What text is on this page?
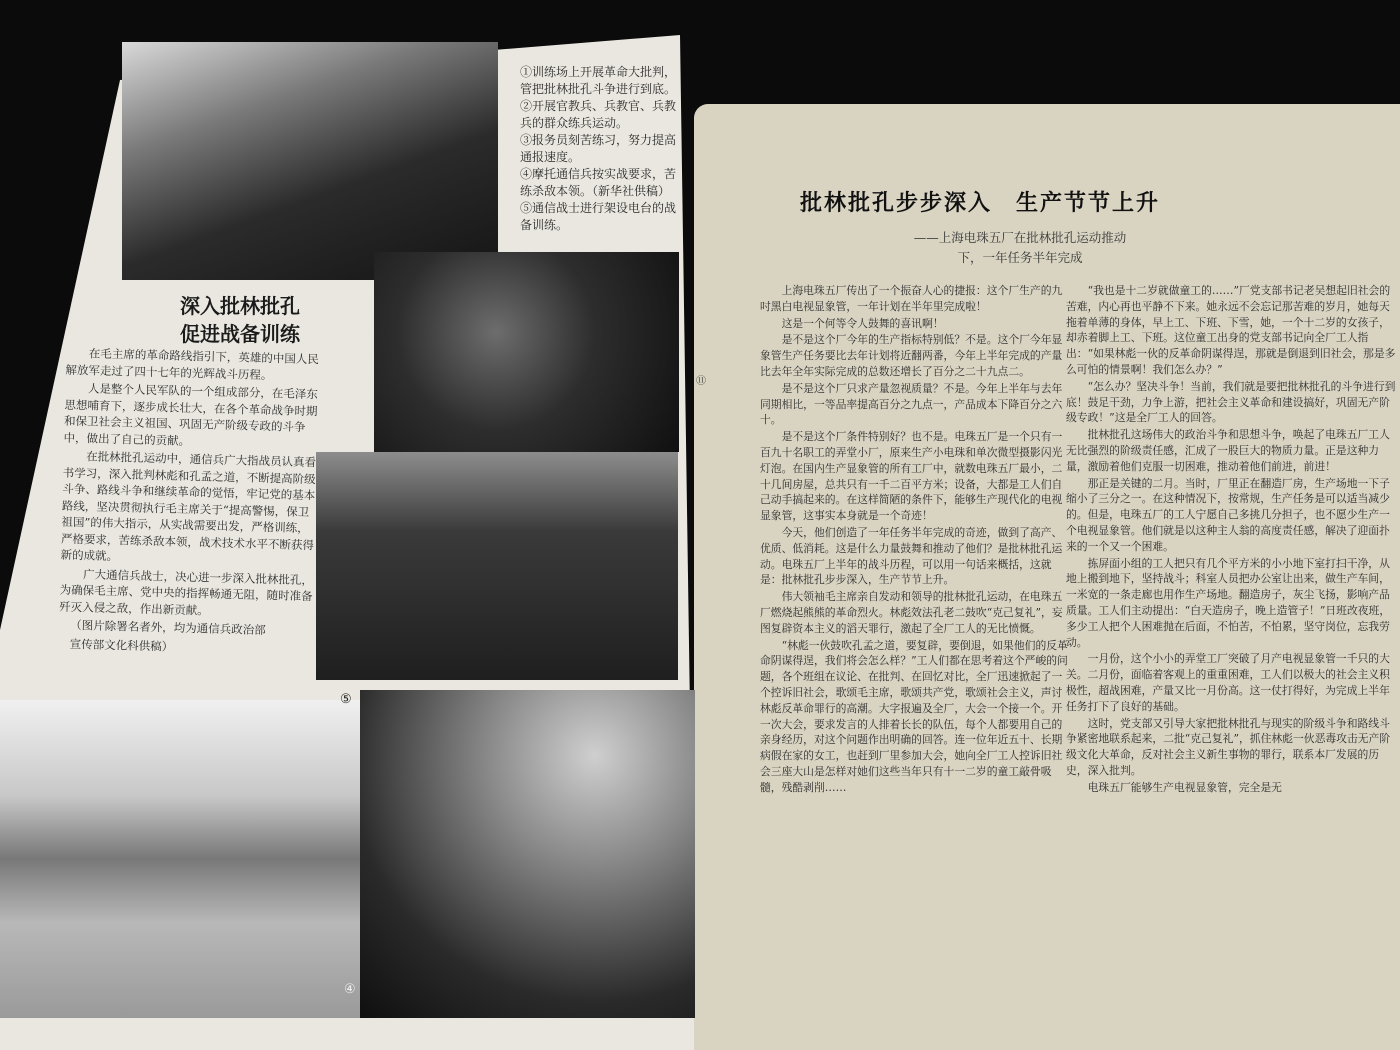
⑤
④

①训练场上开展革命大批判，

管把批林批孔斗争进行到底。

②开展官教兵、兵教官、兵教

兵的群众练兵运动。

③报务员刻苦练习，努力提高

通报速度。

④摩托通信兵按实战要求，苦

练杀敌本领。（新华社供稿）

⑤通信战士进行架设电台的战

备训练。

深入批林批孔
促进战备训练

在毛主席的革命路线指引下，英雄的中国人民解放军走过了四十七年的光辉战斗历程。

人是整个人民军队的一个组成部分，在毛泽东思想哺育下，逐步成长壮大，在各个革命战争时期和保卫社会主义祖国、巩固无产阶级专政的斗争中，做出了自己的贡献。

在批林批孔运动中，通信兵广大指战员认真看书学习，深入批判林彪和孔孟之道，不断提高阶级斗争、路线斗争和继续革命的觉悟，牢记党的基本路线，坚决贯彻执行毛主席关于“提高警惕，保卫祖国”的伟大指示，从实战需要出发，严格训练，严格要求，苦练杀敌本领，战术技术水平不断获得新的成就。

广大通信兵战士，决心进一步深入批林批孔，为确保毛主席、党中央的指挥畅通无阻，随时准备歼灭入侵之敌，作出新贡献。

（图片除署名者外，均为通信兵政治部

宣传部文化科供稿）

⑪
批林批孔步步深入　生产节节上升
——上海电珠五厂在批林批孔运动推动
下，一年任务半年完成

上海电珠五厂传出了一个振奋人心的捷报：这个厂生产的九吋黑白电视显象管，一年计划在半年里完成啦！

这是一个何等令人鼓舞的喜讯啊！

是不是这个厂今年的生产指标特别低？不是。这个厂今年显象管生产任务要比去年计划将近翻两番，今年上半年完成的产量比去年全年实际完成的总数还增长了百分之二十九点二。

是不是这个厂只求产量忽视质量？不是。今年上半年与去年同期相比，一等品率提高百分之九点一，产品成本下降百分之六十。

是不是这个厂条件特别好？也不是。电珠五厂是一个只有一百九十名职工的弄堂小厂，原来生产小电珠和单次微型摄影闪光灯泡。在国内生产显象管的所有工厂中，就数电珠五厂最小，二十几间房屋，总共只有一千二百平方米；设备，大都是工人们自己动手搞起来的。在这样简陋的条件下，能够生产现代化的电视显象管，这事实本身就是一个奇迹！

今天，他们创造了一年任务半年完成的奇迹，做到了高产、优质、低消耗。这是什么力量鼓舞和推动了他们？是批林批孔运动。电珠五厂上半年的战斗历程，可以用一句话来概括，这就是：批林批孔步步深入，生产节节上升。

伟大领袖毛主席亲自发动和领导的批林批孔运动，在电珠五厂燃烧起熊熊的革命烈火。林彪效法孔老二鼓吹“克己复礼”，妄图复辟资本主义的滔天罪行，激起了全厂工人的无比愤慨。

“林彪一伙鼓吹孔孟之道，要复辟，要倒退，如果他们的反革命阴谋得逞，我们将会怎么样？”工人们都在思考着这个严峻的问题，各个班组在议论、在批判、在回忆对比，全厂迅速掀起了一个控诉旧社会，歌颂毛主席，歌颂共产党，歌颂社会主义，声讨林彪反革命罪行的高潮。大字报遍及全厂，大会一个接一个。开一次大会，要求发言的人排着长长的队伍，每个人都要用自己的亲身经历，对这个问题作出明确的回答。连一位年近五十、长期病假在家的女工，也赶到厂里参加大会，她向全厂工人控诉旧社会三座大山是怎样对她们这些当年只有十一二岁的童工敲骨吸髓，残酷剥削……

“我也是十二岁就做童工的……”厂党支部书记老吴想起旧社会的苦难，内心再也平静不下来。她永远不会忘记那苦难的岁月，她每天拖着单薄的身体，早上工、下班、下雪，她，一个十二岁的女孩子，却赤着脚上工、下班。这位童工出身的党支部书记向全厂工人指出：“如果林彪一伙的反革命阴谋得逞，那就是倒退到旧社会，那是多么可怕的情景啊！我们怎么办？”

“怎么办？坚决斗争！当前，我们就是要把批林批孔的斗争进行到底！鼓足干劲，力争上游，把社会主义革命和建设搞好，巩固无产阶级专政！”这是全厂工人的回答。

批林批孔这场伟大的政治斗争和思想斗争，唤起了电珠五厂工人无比强烈的阶级责任感，汇成了一股巨大的物质力量。正是这种力量，激励着他们克服一切困难，推动着他们前进，前进！

那正是关键的二月。当时，厂里正在翻造厂房，生产场地一下子缩小了三分之一。在这种情况下，按常规，生产任务是可以适当减少的。但是，电珠五厂的工人宁愿自己多挑几分担子，也不愿少生产一个电视显象管。他们就是以这种主人翁的高度责任感，解决了迎面扑来的一个又一个困难。

拣屏面小组的工人把只有几个平方米的小小地下室打扫干净，从地上搬到地下，坚持战斗；科室人员把办公室让出来，做生产车间，一米宽的一条走廊也用作生产场地。翻造房子，灰尘飞扬，影响产品质量。工人们主动提出：“白天造房子，晚上造管子！”日班改夜班，多少工人把个人困难抛在后面，不怕苦，不怕累，坚守岗位，忘我劳动。

一月份，这个小小的弄堂工厂突破了月产电视显象管一千只的大关。二月份，面临着客观上的重重困难，工人们以极大的社会主义积极性，超战困难，产量又比一月份高。这一仗打得好，为完成上半年任务打下了良好的基础。

这时，党支部又引导大家把批林批孔与现实的阶级斗争和路线斗争紧密地联系起来，二批“克己复礼”，抓住林彪一伙恶毒攻击无产阶级文化大革命，反对社会主义新生事物的罪行，联系本厂发展的历史，深入批判。

电珠五厂能够生产电视显象管，完全是无
